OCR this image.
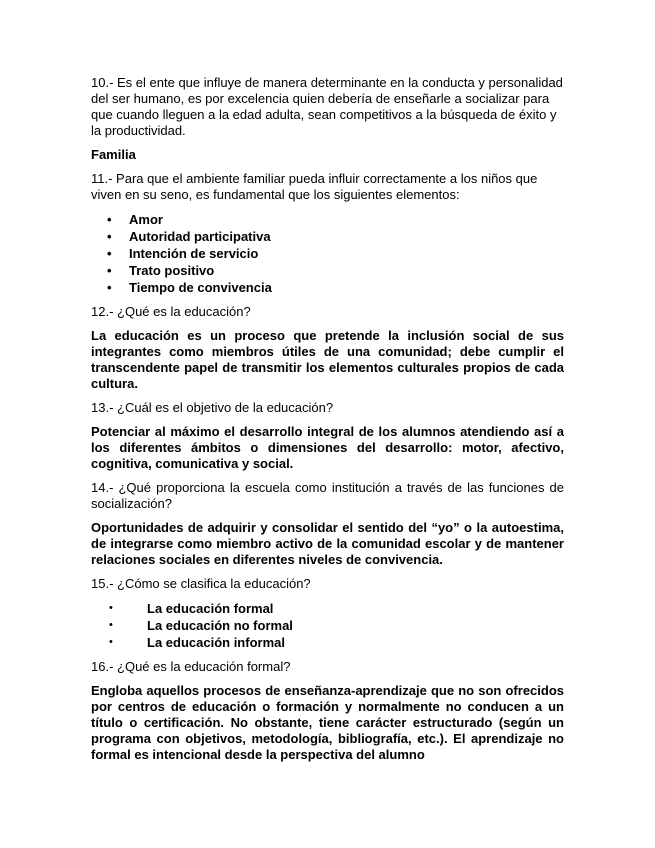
10.- Es el ente que influye de manera determinante en la conducta y personalidad del ser humano, es por excelencia quien debería de enseñarle a socializar para que cuando lleguen a la edad adulta, sean competitivos a la búsqueda de éxito y la productividad.

Familia

11.- Para que el ambiente familiar pueda influir correctamente a los niños que viven en su seno, es fundamental que los siguientes elementos:

• Amor
• Autoridad participativa
• Intención de servicio
• Trato positivo
• Tiempo de convivencia

12.- ¿Qué es la educación?

La educación es un proceso que pretende la inclusión social de sus integrantes como miembros útiles de una comunidad; debe cumplir el transcendente papel de transmitir los elementos culturales propios de cada cultura.

13.- ¿Cuál es el objetivo de la educación?

Potenciar al máximo el desarrollo integral de los alumnos atendiendo así a los diferentes ámbitos o dimensiones del desarrollo: motor, afectivo, cognitiva, comunicativa y social.

14.- ¿Qué proporciona la escuela como institución a través de las funciones de socialización?

Oportunidades de adquirir y consolidar el sentido del “yo” o la autoestima, de integrarse como miembro activo de la comunidad escolar y de mantener relaciones sociales en diferentes niveles de convivencia.

15.- ¿Cómo se clasifica la educación?

• La educación formal
• La educación no formal
• La educación informal

16.- ¿Qué es la educación formal?

Engloba aquellos procesos de enseñanza-aprendizaje que no son ofrecidos por centros de educación o formación y normalmente no conducen a un título o certificación. No obstante, tiene carácter estructurado (según un programa con objetivos, metodología, bibliografía, etc.). El aprendizaje no formal es intencional desde la perspectiva del alumno
